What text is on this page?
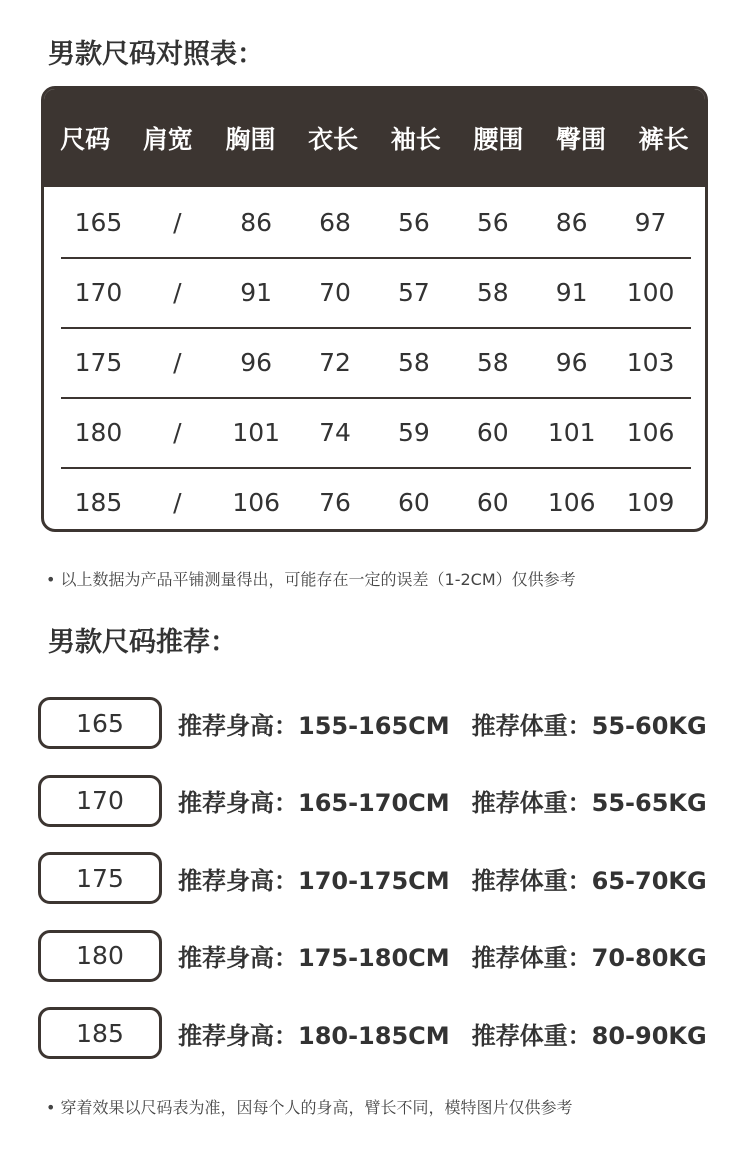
男款尺码对照表：
尺码	肩宽	胸围	衣长	袖长	腰围	臀围	裤长
165	/	86	68	56	56	86	97
170	/	91	70	57	58	91	100
175	/	96	72	58	58	96	103
180	/	101	74	59	60	101	106
185	/	106	76	60	60	106	109

• 以上数据为产品平铺测量得出，可能存在一定的误差（1-2CM）仅供参考

男款尺码推荐：
165	推荐身高：155-165CM 推荐体重：55-60KG
170	推荐身高：165-170CM 推荐体重：55-65KG
175	推荐身高：170-175CM 推荐体重：65-70KG
180	推荐身高：175-180CM 推荐体重：70-80KG
185	推荐身高：180-185CM 推荐体重：80-90KG

• 穿着效果以尺码表为准，因每个人的身高，臂长不同，模特图片仅供参考
